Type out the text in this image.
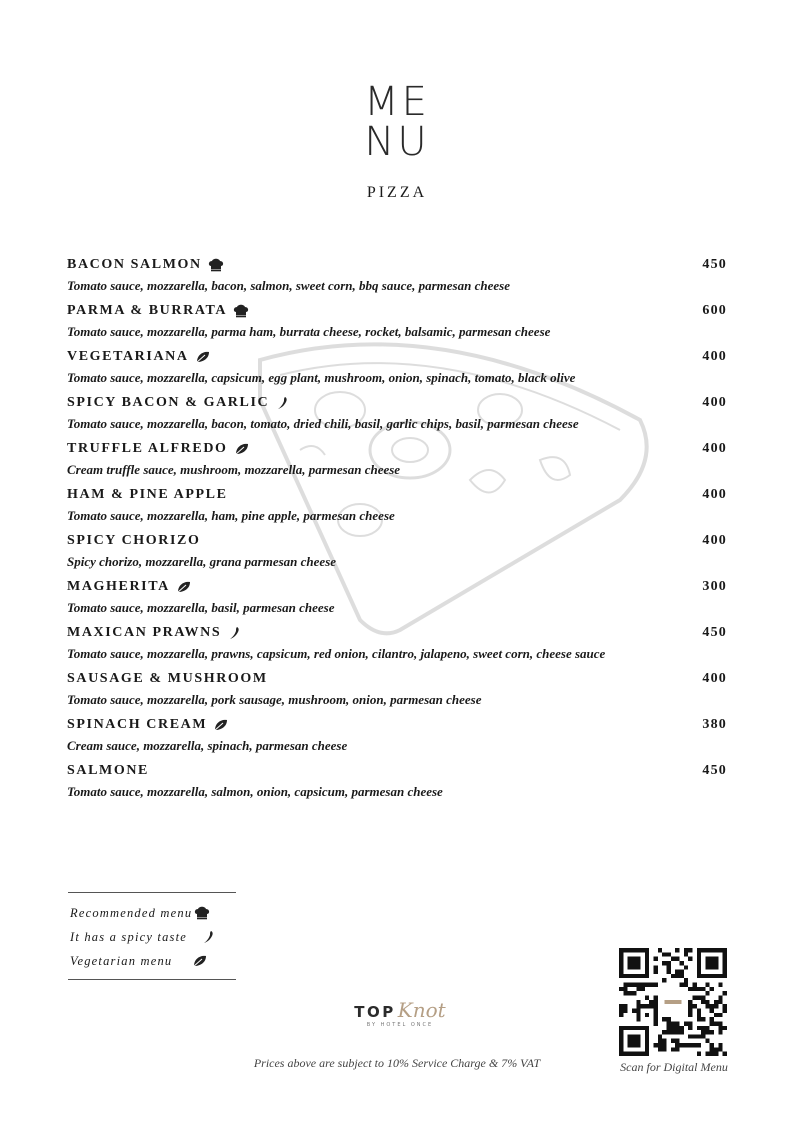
ME
NU
PIZZA
BACON SALMON	450
Tomato sauce, mozzarella, bacon, salmon, sweet corn, bbq sauce, parmesan cheese
PARMA & BURRATA	600
Tomato sauce, mozzarella, parma ham, burrata cheese, rocket, balsamic, parmesan cheese
VEGETARIANA	400
Tomato sauce, mozzarella, capsicum, egg plant, mushroom, onion, spinach, tomato, black olive
SPICY BACON & GARLIC	400
Tomato sauce, mozzarella, bacon, tomato, dried chili, basil, garlic chips, basil, parmesan cheese
TRUFFLE ALFREDO	400
Cream truffle sauce, mushroom, mozzarella, parmesan cheese
HAM & PINE APPLE	400
Tomato sauce, mozzarella, ham, pine apple, parmesan cheese
SPICY CHORIZO	400
Spicy chorizo, mozzarella, grana parmesan cheese
MAGHERITA	300
Tomato sauce, mozzarella, basil, parmesan cheese
MAXICAN PRAWNS	450
Tomato sauce, mozzarella, prawns, capsicum, red onion, cilantro, jalapeno, sweet corn, cheese sauce
SAUSAGE & MUSHROOM	400
Tomato sauce, mozzarella, pork sausage, mushroom, onion, parmesan cheese
SPINACH CREAM	380
Cream sauce, mozzarella, spinach, parmesan cheese
SALMONE	450
Tomato sauce, mozzarella, salmon, onion, capsicum, parmesan cheese
Recommended menu
It has a spicy taste
Vegetarian menu
TOP Knot
BY HOTEL ONCE
Prices above are subject to 10% Service Charge & 7% VAT	Scan for Digital Menu
